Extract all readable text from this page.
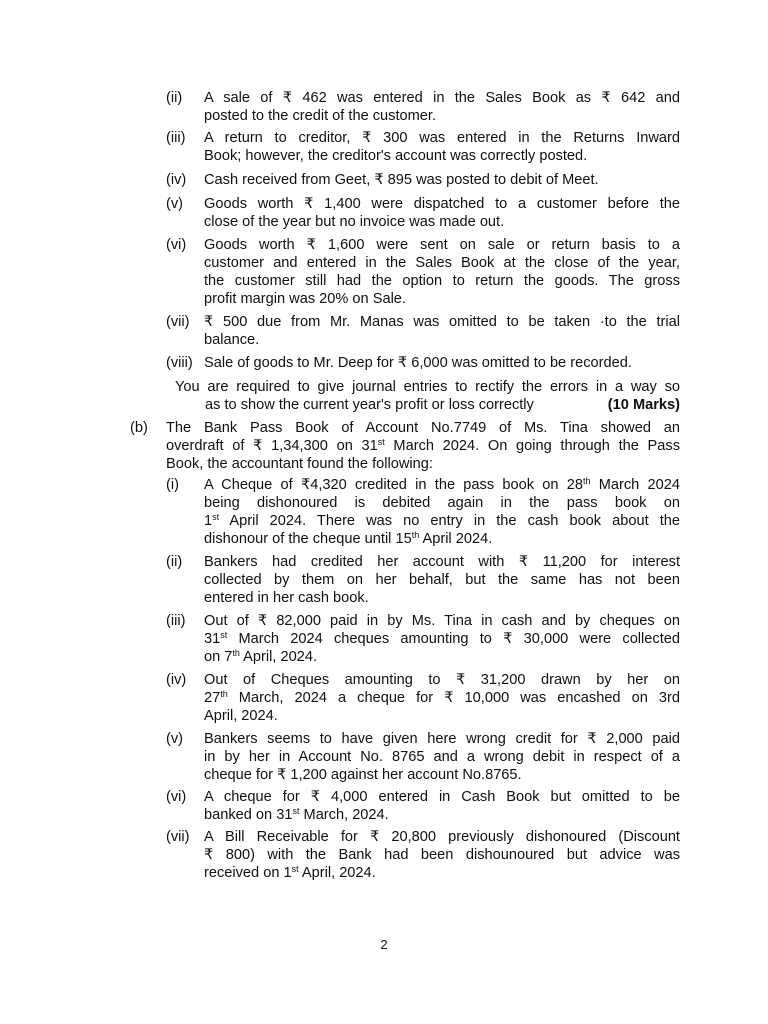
(ii)	A sale of ₹ 462 was entered in the Sales Book as ₹ 642 and
posted to the credit of the customer.
(iii)	A return to creditor, ₹ 300 was entered in the Returns Inward
Book; however, the creditor's account was correctly posted.
(iv)	Cash received from Geet, ₹ 895 was posted to debit of Meet.
(v)	Goods worth ₹ 1,400 were dispatched to a customer before the
close of the year but no invoice was made out.
(vi)	Goods worth ₹ 1,600 were sent on sale or return basis to a
customer and entered in the Sales Book at the close of the year,
the customer still had the option to return the goods. The gross
profit margin was 20% on Sale.
(vii) ₹ 500 due from Mr. Manas was omitted to be taken ·to the trial
balance.
(viii) Sale of goods to Mr. Deep for ₹ 6,000 was omitted to be recorded.
You are required to give journal entries to rectify the errors in a way so
as to show the current year's profit or loss correctly	(10 Marks)
(b)	The Bank Pass Book of Account No.7749 of Ms. Tina showed an
overdraft of ₹ 1,34,300 on 31st March 2024. On going through the Pass
Book, the accountant found the following:
(i)	A Cheque of ₹4,320 credited in the pass book on 28th March 2024
being dishonoured is debited again in the pass book on
1st April 2024. There was no entry in the cash book about the
dishonour of the cheque until 15th April 2024.
(ii)	Bankers had credited her account with ₹ 11,200 for interest
collected by them on her behalf, but the same has not been
entered in her cash book.
(iii)	Out of ₹ 82,000 paid in by Ms. Tina in cash and by cheques on
31st March 2024 cheques amounting to ₹ 30,000 were collected
on 7th April, 2024.
(iv)	Out of Cheques amounting to ₹ 31,200 drawn by her on
27th March, 2024 a cheque for ₹ 10,000 was encashed on 3rd
April, 2024.
(v)	Bankers seems to have given here wrong credit for ₹ 2,000 paid
in by her in Account No. 8765 and a wrong debit in respect of a
cheque for ₹ 1,200 against her account No.8765.
(vi)	A cheque for ₹ 4,000 entered in Cash Book but omitted to be
banked on 31st March, 2024.
(vii) A Bill Receivable for ₹ 20,800 previously dishonoured (Discount
₹ 800) with the Bank had been dishounoured but advice was
received on 1st April, 2024.
2
